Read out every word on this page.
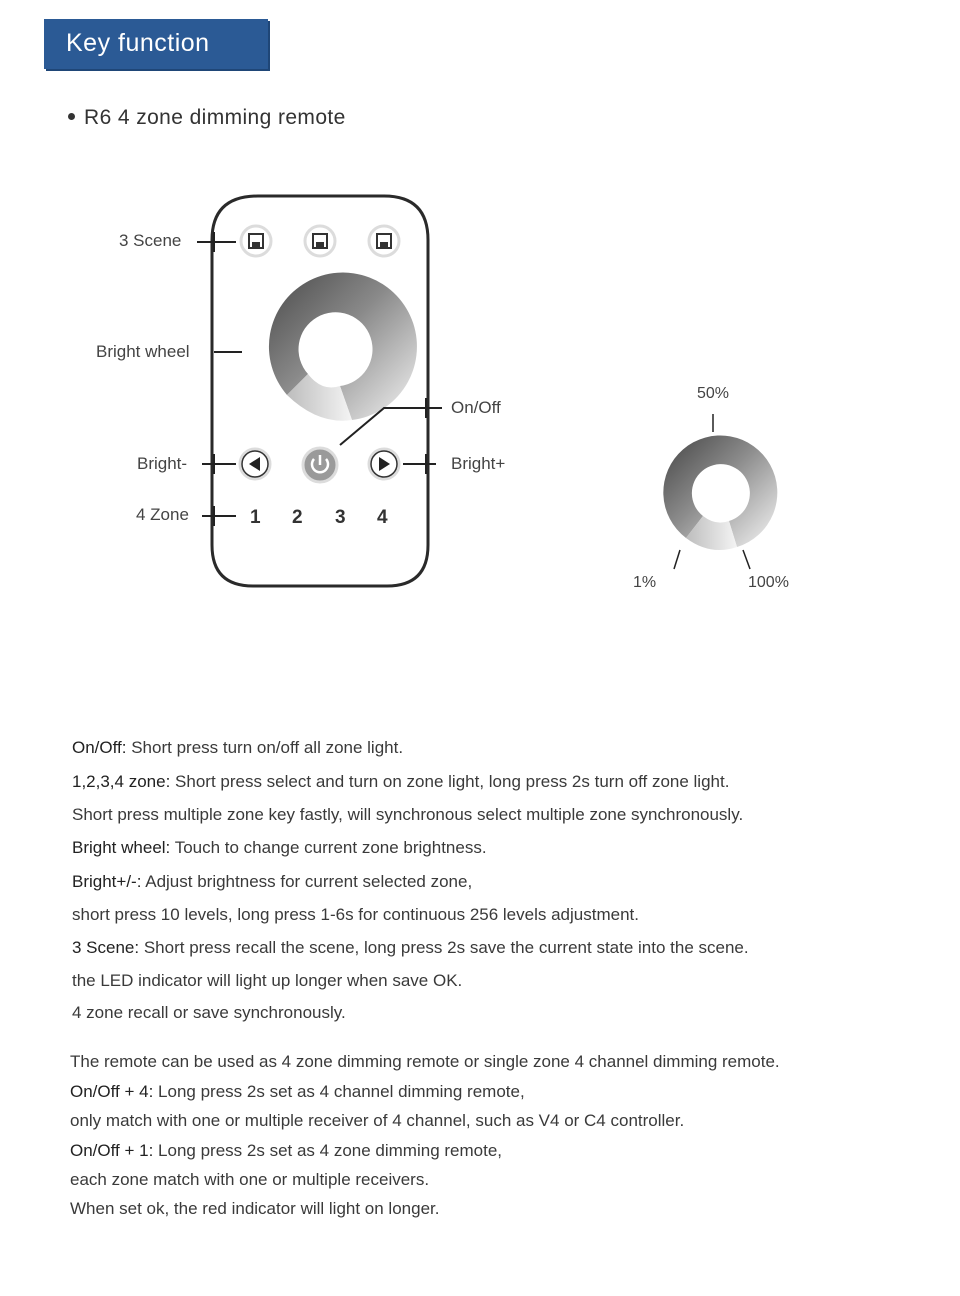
Key function
R6 4 zone dimming remote
3 Scene
Bright wheel
On/Off
Bright-	Bright+
4 Zone	1 2 3 4
50%
1%	100%
On/Off: Short press turn on/off all zone light.
1,2,3,4 zone: Short press select and turn on zone light, long press 2s turn off zone light.
Short press multiple zone key fastly, will synchronous select multiple zone synchronously.
Bright wheel: Touch to change current zone brightness.
Bright+/-: Adjust brightness for current selected zone,
short press 10 levels, long press 1-6s for continuous 256 levels adjustment.
3 Scene: Short press recall the scene, long press 2s save the current state into the scene.
the LED indicator will light up longer when save OK.
4 zone recall or save synchronously.
The remote can be used as 4 zone dimming remote or single zone 4 channel dimming remote.
On/Off + 4: Long press 2s set as 4 channel dimming remote,
only match with one or multiple receiver of 4 channel, such as V4 or C4 controller.
On/Off + 1: Long press 2s set as 4 zone dimming remote,
each zone match with one or multiple receivers.
When set ok, the red indicator will light on longer.
